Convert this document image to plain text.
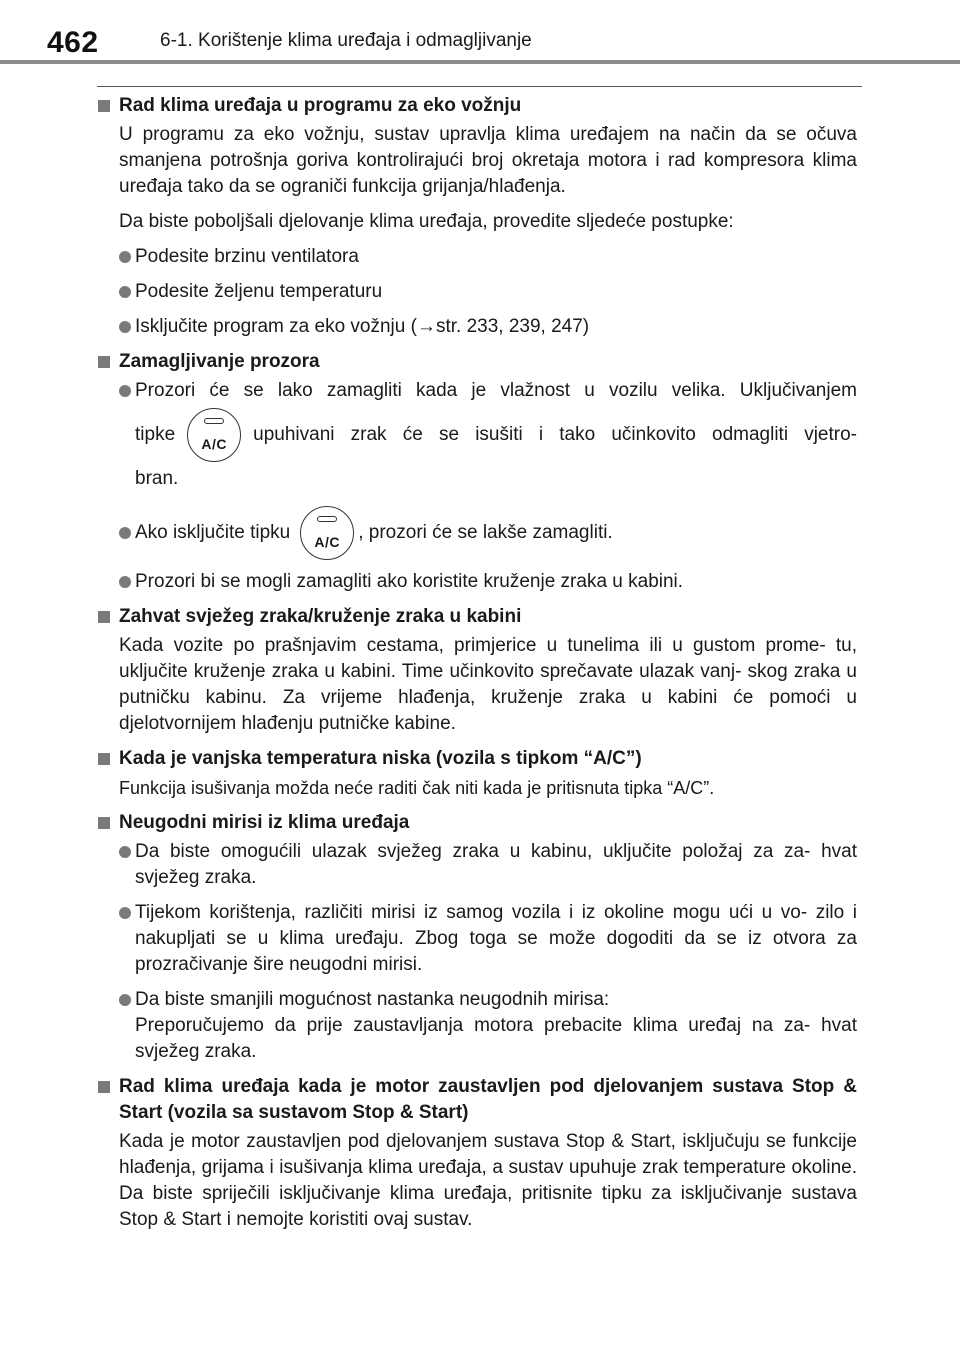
462	6-1. Korištenje klima uređaja i odmagljivanje
Rad klima uređaja u programu za eko vožnju
U programu za eko vožnju, sustav upravlja klima uređajem na način da se očuva smanjena potrošnja goriva kontrolirajući broj okretaja motora i rad kompresora klima uređaja tako da se ograniči funkcija grijanja/hlađenja.
Da biste poboljšali djelovanje klima uređaja, provedite sljedeće postupke:
Podesite brzinu ventilatora
Podesite željenu temperaturu
Isključite program za eko vožnju (→str. 233, 239, 247)
Zamagljivanje prozora
Prozori će se lako zamagliti kada je vlažnost u vozilu velika. Uključivanjem
tipke	A/C	upuhivani zrak će se isušiti i tako učinkovito odmagliti vjetro-
bran.
Ako isključite tipku	A/C , prozori će se lakše zamagliti.
Prozori bi se mogli zamagliti ako koristite kruženje zraka u kabini.
Zahvat svježeg zraka/kruženje zraka u kabini
Kada vozite po prašnjavim cestama, primjerice u tunelima ili u gustom prome- tu, uključite kruženje zraka u kabini. Time učinkovito sprečavate ulazak vanj- skog zraka u putničku kabinu. Za vrijeme hlađenja, kruženje zraka u kabini će pomoći u djelotvornijem hlađenju putničke kabine.
Kada je vanjska temperatura niska (vozila s tipkom “A/C”)
Funkcija isušivanja možda neće raditi čak niti kada je pritisnuta tipka “A/C”.
Neugodni mirisi iz klima uređaja
Da biste omogućili ulazak svježeg zraka u kabinu, uključite položaj za za- hvat svježeg zraka.
Tijekom korištenja, različiti mirisi iz samog vozila i iz okoline mogu ući u vo- zilo i nakupljati se u klima uređaju. Zbog toga se može dogoditi da se iz otvora za prozračivanje šire neugodni mirisi.
Da biste smanjili mogućnost nastanka neugodnih mirisa:
Preporučujemo da prije zaustavljanja motora prebacite klima uređaj na za- hvat svježeg zraka.
Rad klima uređaja kada je motor zaustavljen pod djelovanjem sustava Stop & Start (vozila sa sustavom Stop & Start)
Kada je motor zaustavljen pod djelovanjem sustava Stop & Start, isključuju se funkcije hlađenja, grijama i isušivanja klima uređaja, a sustav upuhuje zrak temperature okoline. Da biste spriječili isključivanje klima uređaja, pritisnite tipku za isključivanje sustava Stop & Start i nemojte koristiti ovaj sustav.
